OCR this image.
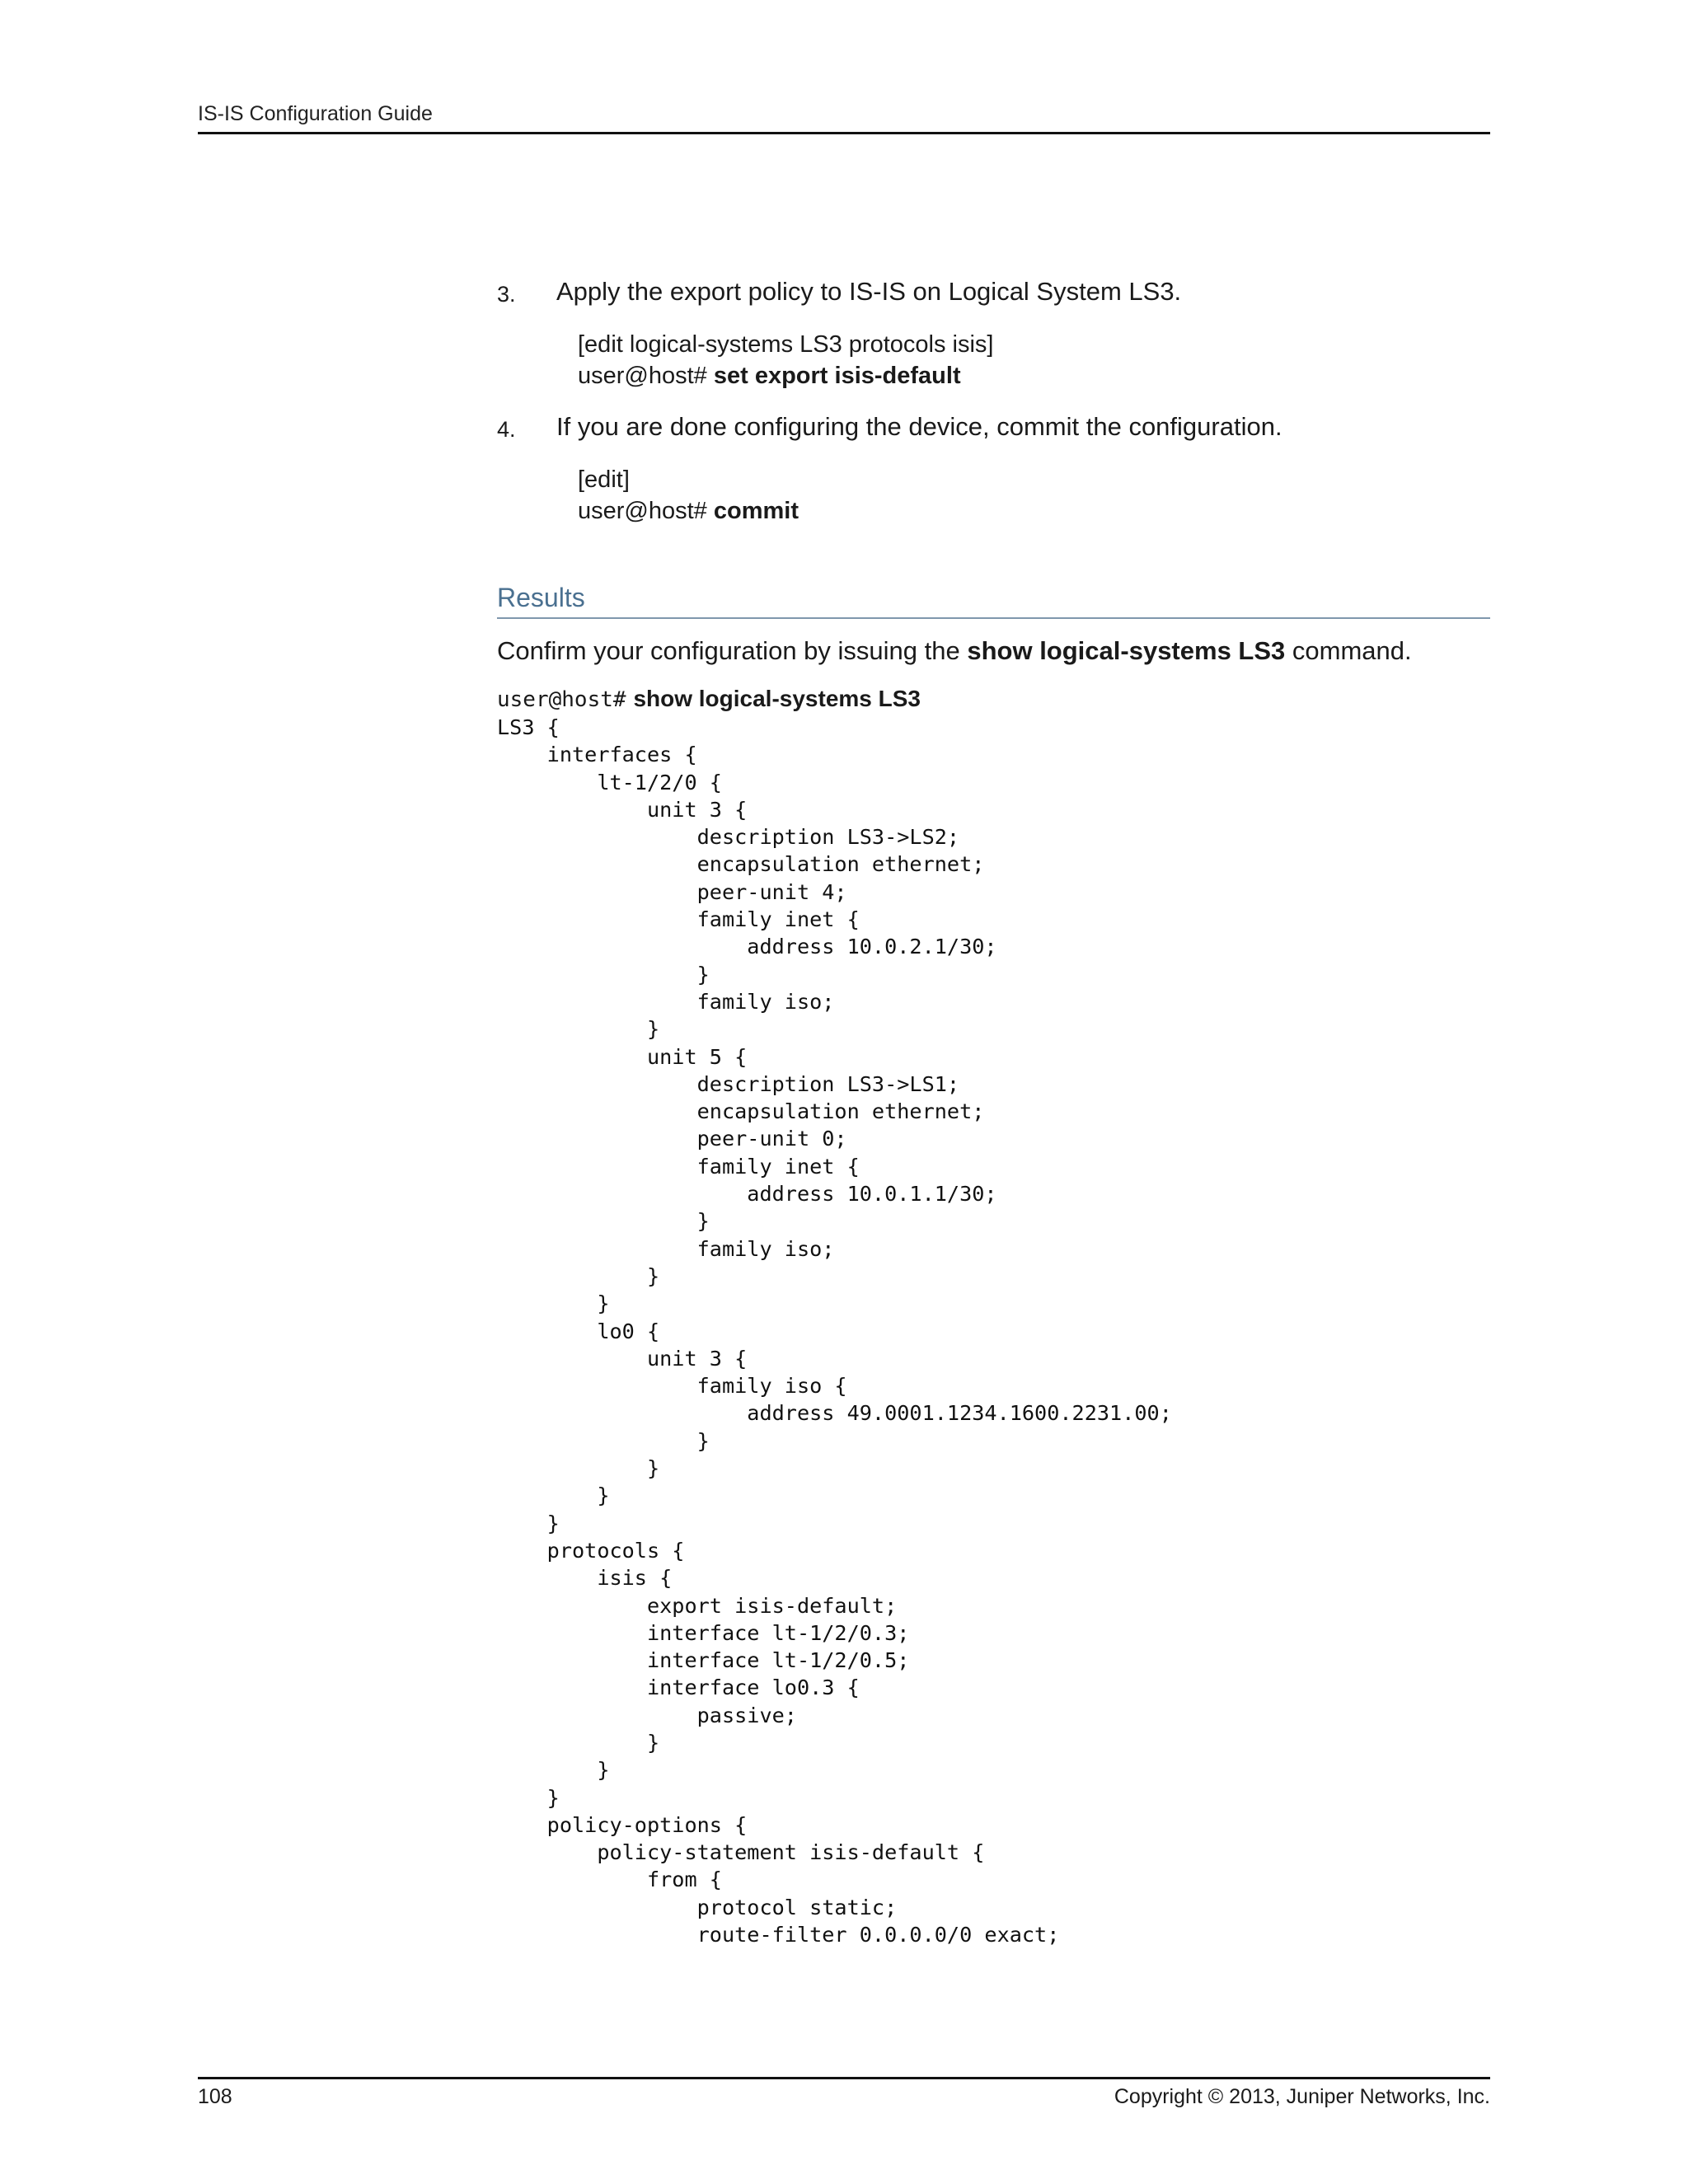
IS-IS Configuration Guide
3. Apply the export policy to IS-IS on Logical System LS3.
[edit logical-systems LS3 protocols isis]
user@host# set export isis-default
4. If you are done configuring the device, commit the configuration.
[edit]
user@host# commit
Results
Confirm your configuration by issuing the show logical-systems LS3 command.
user@host# show logical-systems LS3
LS3 {
interfaces {
lt-1/2/0 {
unit 3 {
description LS3->LS2;
encapsulation ethernet;
peer-unit 4;
family inet {
address 10.0.2.1/30;
}
family iso;
}
unit 5 {
description LS3->LS1;
encapsulation ethernet;
peer-unit 0;
family inet {
address 10.0.1.1/30;
}
family iso;
}
}
lo0 {
unit 3 {
family iso {
address 49.0001.1234.1600.2231.00;
}
}
}
}
protocols {
isis {
export isis-default;
interface lt-1/2/0.3;
interface lt-1/2/0.5;
interface lo0.3 {
passive;
}
}
}
policy-options {
policy-statement isis-default {
from {
protocol static;
route-filter 0.0.0.0/0 exact;
108	Copyright © 2013, Juniper Networks, Inc.
